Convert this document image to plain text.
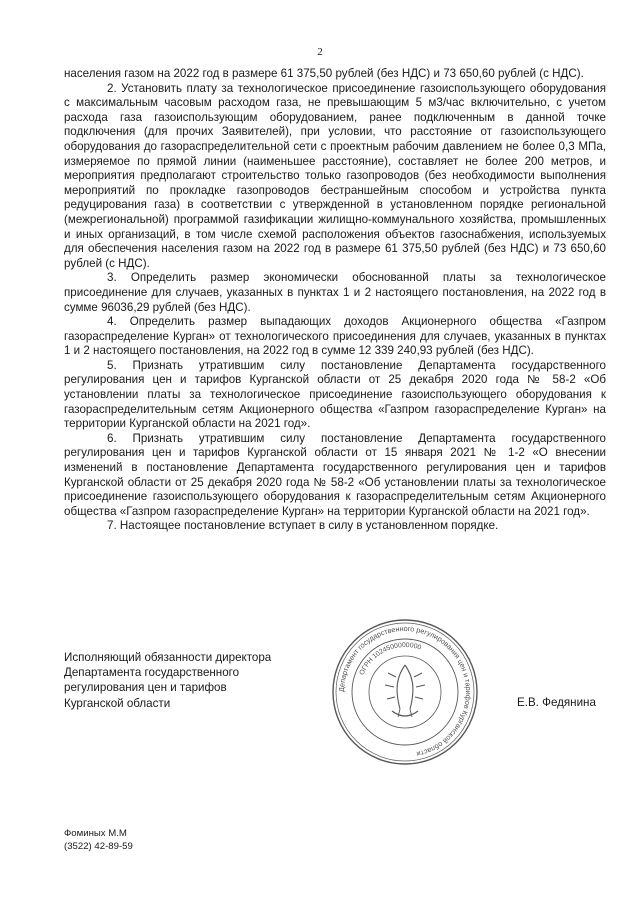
2

населения газом на 2022 год в размере 61 375,50 рублей (без НДС) и 73 650,60 рублей (с НДС).

2. Установить плату за технологическое присоединение газоиспользующего оборудования с максимальным часовым расходом газа, не превышающим 5 м3/час включительно, с учетом расхода газа газоиспользующим оборудованием, ранее подключенным в данной точке подключения (для прочих Заявителей), при условии, что расстояние от газоиспользующего оборудования до газораспределительной сети с проектным рабочим давлением не более 0,3 МПа, измеряемое по прямой линии (наименьшее расстояние), составляет не более 200 метров, и мероприятия предполагают строительство только газопроводов (без необходимости выполнения мероприятий по прокладке газопроводов бестраншейным способом и устройства пункта редуцирования газа) в соответствии с утвержденной в установленном порядке региональной (межрегиональной) программой газификации жилищно-коммунального хозяйства, промышленных и иных организаций, в том числе схемой расположения объектов газоснабжения, используемых для обеспечения населения газом на 2022 год в размере 61 375,50 рублей (без НДС) и 73 650,60 рублей (с НДС).

3. Определить размер экономически обоснованной платы за технологическое присоединение для случаев, указанных в пунктах 1 и 2 настоящего постановления, на 2022 год в сумме 96036,29 рублей (без НДС).

4. Определить размер выпадающих доходов Акционерного общества «Газпром газораспределение Курган» от технологического присоединения для случаев, указанных в пунктах 1 и 2 настоящего постановления, на 2022 год в сумме 12 339 240,93 рублей (без НДС).

5. Признать утратившим силу постановление Департамента государственного регулирования цен и тарифов Курганской области от 25 декабря 2020 года № 58-2 «Об установлении платы за технологическое присоединение газоиспользующего оборудования к газораспределительным сетям Акционерного общества «Газпром газораспределение Курган» на территории Курганской области на 2021 год».

6. Признать утратившим силу постановление Департамента государственного регулирования цен и тарифов Курганской области от 15 января 2021 № 1-2 «О внесении изменений в постановление Департамента государственного регулирования цен и тарифов Курганской области от 25 декабря 2020 года № 58-2 «Об установлении платы за технологическое присоединение газоиспользующего оборудования к газораспределительным сетям Акционерного общества «Газпром газораспределение Курган» на территории Курганской области на 2021 год».

7. Настоящее постановление вступает в силу в установленном порядке.

Исполняющий обязанности директора
Департамента государственного
регулирования цен и тарифов
Курганской области
Департамент государственного регулирования цен и тарифов Курганской области
ОГРН 1024500000000
Е.В. Федянина
Фоминых М.М
(3522) 42-89-59
